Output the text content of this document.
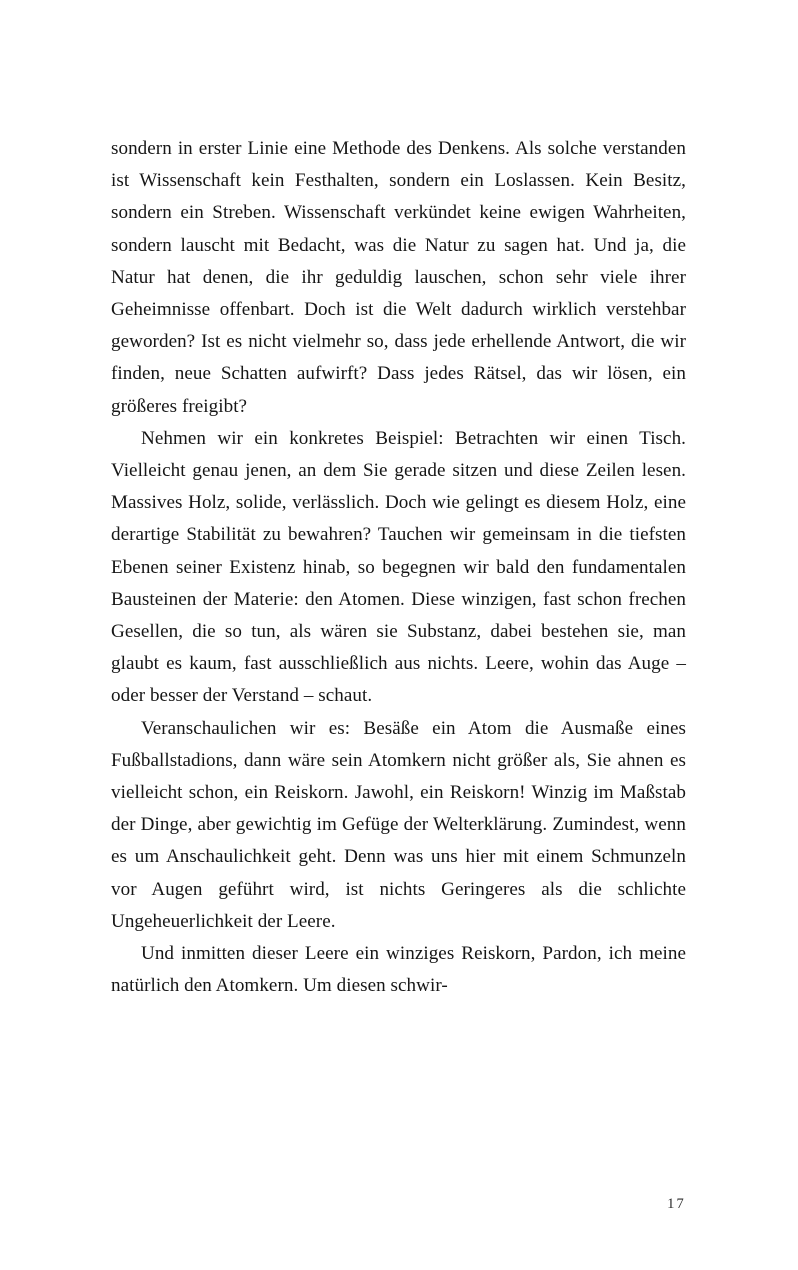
sondern in erster Linie eine Methode des Denkens. Als solche verstanden ist Wissenschaft kein Festhalten, sondern ein Loslassen. Kein Besitz, sondern ein Streben. Wissenschaft verkündet keine ewigen Wahrheiten, sondern lauscht mit Bedacht, was die Natur zu sagen hat. Und ja, die Natur hat denen, die ihr geduldig lauschen, schon sehr viele ihrer Geheimnisse offenbart. Doch ist die Welt dadurch wirklich verstehbar geworden? Ist es nicht vielmehr so, dass jede erhellende Antwort, die wir finden, neue Schatten aufwirft? Dass jedes Rätsel, das wir lösen, ein größeres freigibt?

Nehmen wir ein konkretes Beispiel: Betrachten wir einen Tisch. Vielleicht genau jenen, an dem Sie gerade sitzen und diese Zeilen lesen. Massives Holz, solide, verlässlich. Doch wie gelingt es diesem Holz, eine derartige Stabilität zu bewahren? Tauchen wir gemeinsam in die tiefsten Ebenen seiner Existenz hinab, so begegnen wir bald den fundamentalen Bausteinen der Materie: den Atomen. Diese winzigen, fast schon frechen Gesellen, die so tun, als wären sie Substanz, dabei bestehen sie, man glaubt es kaum, fast ausschließlich aus nichts. Leere, wohin das Auge – oder besser der Verstand – schaut.

Veranschaulichen wir es: Besäße ein Atom die Ausmaße eines Fußballstadions, dann wäre sein Atomkern nicht größer als, Sie ahnen es vielleicht schon, ein Reiskorn. Jawohl, ein Reiskorn! Winzig im Maßstab der Dinge, aber gewichtig im Gefüge der Welterklärung. Zumindest, wenn es um Anschaulichkeit geht. Denn was uns hier mit einem Schmunzeln vor Augen geführt wird, ist nichts Geringeres als die schlichte Ungeheuerlichkeit der Leere.

Und inmitten dieser Leere ein winziges Reiskorn, Pardon, ich meine natürlich den Atomkern. Um diesen schwir-

17
